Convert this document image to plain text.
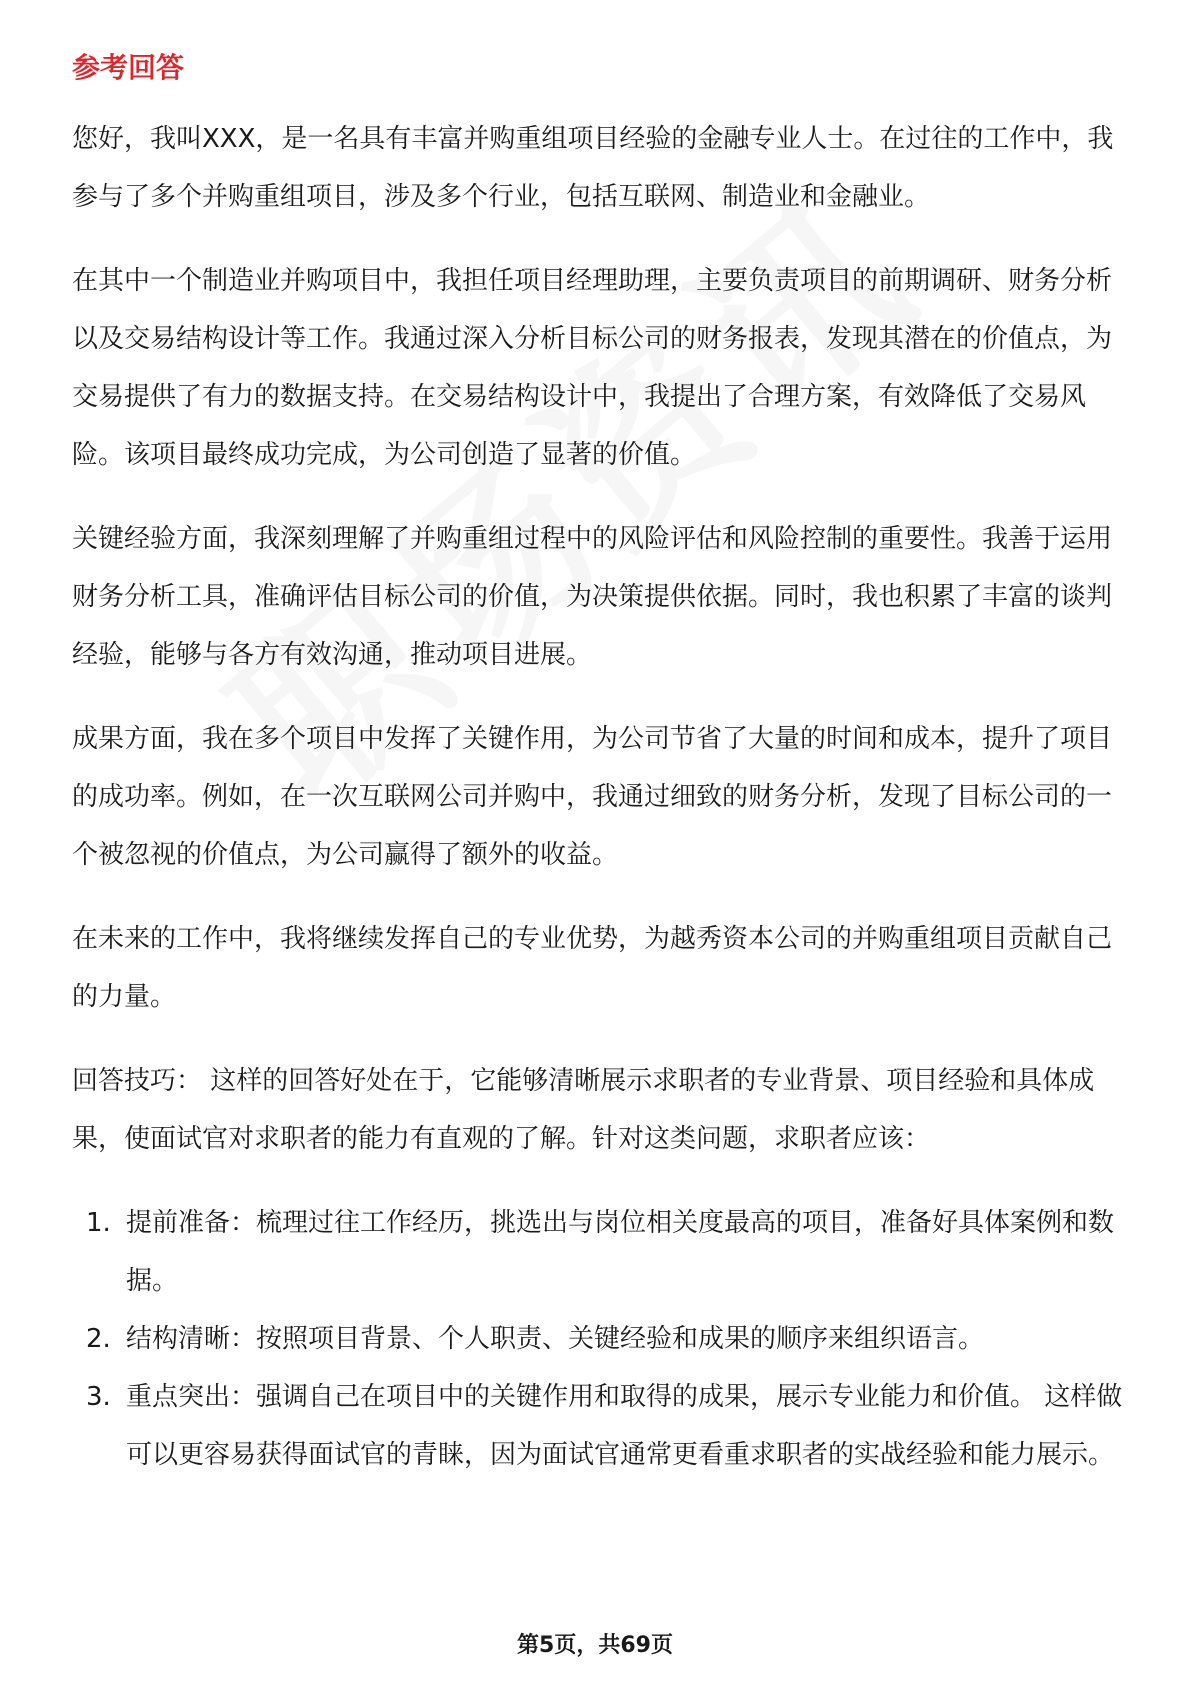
参考回答

您好，我叫XXX，是一名具有丰富并购重组项目经验的金融专业人士。在过往的工作中，我参与了多个并购重组项目，涉及多个行业，包括互联网、制造业和金融业。

在其中一个制造业并购项目中，我担任项目经理助理，主要负责项目的前期调研、财务分析以及交易结构设计等工作。我通过深入分析目标公司的财务报表，发现其潜在的价值点，为交易提供了有力的数据支持。在交易结构设计中，我提出了合理方案，有效降低了交易风险。该项目最终成功完成，为公司创造了显著的价值。

关键经验方面，我深刻理解了并购重组过程中的风险评估和风险控制的重要性。我善于运用财务分析工具，准确评估目标公司的价值，为决策提供依据。同时，我也积累了丰富的谈判经验，能够与各方有效沟通，推动项目进展。

成果方面，我在多个项目中发挥了关键作用，为公司节省了大量的时间和成本，提升了项目的成功率。例如，在一次互联网公司并购中，我通过细致的财务分析，发现了目标公司的一个被忽视的价值点，为公司赢得了额外的收益。

在未来的工作中，我将继续发挥自己的专业优势，为越秀资本公司的并购重组项目贡献自己的力量。

回答技巧： 这样的回答好处在于，它能够清晰展示求职者的专业背景、项目经验和具体成果，使面试官对求职者的能力有直观的了解。针对这类问题，求职者应该：

1. 提前准备：梳理过往工作经历，挑选出与岗位相关度最高的项目，准备好具体案例和数据。
2. 结构清晰：按照项目背景、个人职责、关键经验和成果的顺序来组织语言。
3. 重点突出：强调自己在项目中的关键作用和取得的成果，展示专业能力和价值。 这样做可以更容易获得面试官的青睐，因为面试官通常更看重求职者的实战经验和能力展示。
第5页，共69页
